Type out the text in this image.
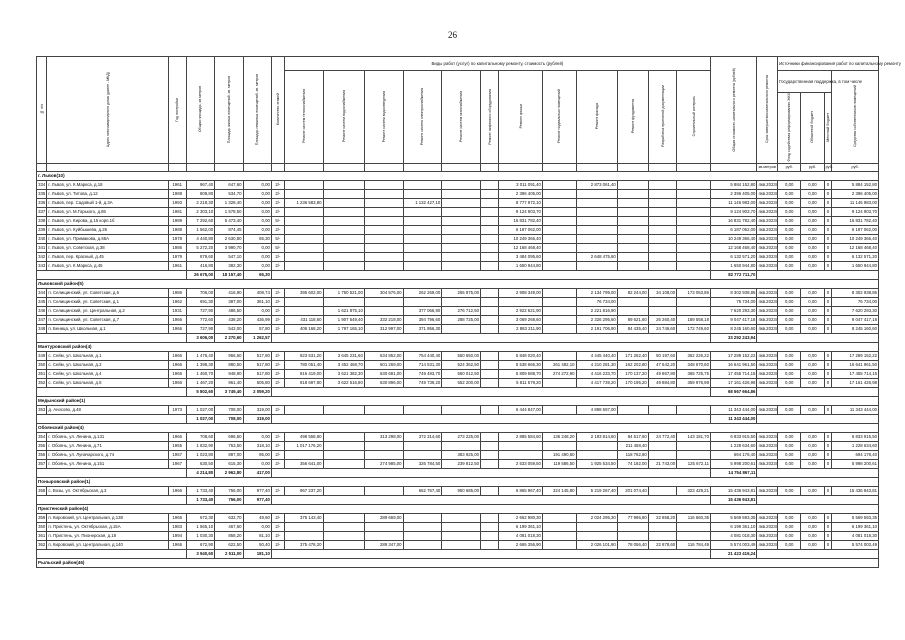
26
№ п/п	Адрес многоквартирного дома (далее - МКД)	Год постройки	Общая площадь, кв.метров	Площадь жилых помещений, кв. метров	Площадь нежилых помещений, кв. метров	Количество этажей	Виды работ (услуг) по капитальному ремонту, стоимость (рублей)												Общая стоимость капитального ремонта (рублей)	Срок завершения капитального ремонта	Источники финансирования работ по капитальному ремонту			
							Ремонт систем теплоснабжения	Ремонт систем водоснабжения	Ремонт систем водоотведения	Ремонт систем электроснабжения	Ремонт систем газоснабжения	Ремонт лифтового оборудования	Ремонт крыши	Ремонт подвальных помещений	Ремонт фасада	Ремонт фундамента	Разработка проектной документации	Строительный контроль			Государственная поддержка, в том числе			Средства собственников помещений
																					Фонд содействия реформированию ЖКХ	Областной бюджет	Местный бюджет	
																				кв.метров	руб.	руб.	руб.	руб.
г. Львов(10)																								
334	г. Львов, ул. К.Маркса, д.18	1961	967,40	647,60	0,00	2/-							3 011 091,40		2 873 061,40				5 884 152,80	4кв.2023г	0,00	0,00	0	5 884 152,80
335	г. Львов, ул. Титова, д.12	1988	809,80	534,70	0,00	2/-							2 396 405,00						2 396 405,00	4кв.2023г	0,00	0,00	0	2 396 405,00
336	г. Львов, пер. Садовый 1-й, д.3А	1993	2 218,30	1 328,40	0,00	2/-	1 236 583,80			1 132 427,10			8 777 972,10						11 146 983,00	4кв.2023г	0,00	0,00	0	11 146 983,00
337	г. Львов, ул. М.Горького, д.86	1981	2 303,10	1 578,50	0,00	2/-							9 124 903,70						9 124 903,70	4кв.2023г	0,00	0,00	0	9 124 903,70
338	г. Львов, ул. Кирова, д.15 корп.1б	1989	7 292,60	5 473,40	0,00	5/-							16 831 782,40						16 831 782,40	4кв.2023г	0,00	0,00	0	16 831 782,40
339	г. Львов, ул. Куйбышева, д.26	1988	1 562,00	874,45	0,00	2/-							6 187 062,00						6 187 062,00	4кв.2023г	0,00	0,00	0	6 187 062,00
340	г. Львов, ул. Примакова, д.65А	1978	4 440,80	2 630,80	65,30	5/-							10 249 366,40						10 249 366,40	4кв.2023г	0,00	0,00	0	10 249 366,40
341	г. Львов, ул. Советская, д.38	1986	5 272,20	3 990,70	0,00	5/-							12 168 468,40						12 168 468,40	4кв.2023г	0,00	0,00	0	12 168 468,40
342	г. Львов, пер. Красный, д.45	1979	879,60	547,10	0,00	2/-							3 484 095,60		2 648 475,60				6 132 571,20	4кв.2023г	0,00	0,00	0	6 132 571,20
343	г. Львов, ул. К.Маркса, д.45	1961	416,80	382,30	0,00	2/-							1 650 944,80						1 650 944,80	4кв.2023г	0,00	0,00	0	1 650 944,80
			26 675,00	18 157,40	65,30														82 772 711,70					
Львовский район(5)																								
344	п. Селищинский, ул. Советская, д.6	1986	706,00	416,90	408,74	2/-	395 602,00	1 750 521,00	304 576,00	262 269,00	265 875,00		2 908 349,00		2 134 799,00	82 244,00	34 108,00	173 053,86	8 302 938,86	4кв.2023г	0,00	0,00	0	8 302 938,86
345	п. Селищинский, ул. Советская, д.1	1962	691,30	387,00	361,10	2/-									76 734,00				76 734,00	4кв.2023г	0,00	0,00	0	76 734,00
346	п. Селищинский, ул. Центральная, д.2	1931	727,90	486,50	0,00	2/-		1 621 875,10		377 066,90	276 712,50		2 922 621,90		2 221 816,90				7 620 293,30	4кв.2023г	0,00	0,00	0	7 620 293,30
347	п. Селищинский, ул. Советская, д.7	1966	772,60	438,20	436,99	2/-	431 118,60	1 907 549,40	332 218,00	394 796,60	288 725,00		3 069 268,60		2 326 295,60	89 621,60	26 260,40	189 558,18	9 047 417,18	4кв.2023г	0,00	0,00	0	9 047 417,18
348	п. Беница, ул. Школьная, д.1	1966	727,90	542,00	57,80	2/-	406 168,20	1 797 165,10	312 997,00	371 956,30			2 883 211,90		2 191 706,90	84 435,40	24 746,60	172 749,60	8 245 160,60	4кв.2023г	0,00	0,00	0	8 245 160,60
			3 606,00	2 270,60	1 262,57														33 292 243,94					
Мантуровский район(4)																								
349	с. Сейм, ул. Школьная, д.1	1966	1 476,40	956,60	517,80	2/-	823 531,20	3 645 231,60	634 852,00	754 440,40	550 650,00		5 848 020,40		4 445 440,40	171 262,40	50 197,60	362 226,22	17 289 152,22	4кв.2023г	0,00	0,00	0	17 289 152,22
350	с. Сейм, ул. Школьная, д.2	1966	1 398,30	880,50	517,80	2/-	780 051,40	3 452 468,70	601 269,00	714 531,30	524 362,50		5 538 666,30	261 482,10	4 210 281,30	162 202,80	47 542,20	348 670,60	16 641 961,50	4кв.2023г	0,00	0,00	0	16 641 961,50
351	с. Сейм, ул. Школьная, д.4	1966	1 460,70	948,90	517,80	2/-	816 419,00	3 621 382,30	630 681,00	749 483,70	550 012,50		5 809 588,70	274 272,90	4 416 233,70	170 137,20	49 867,80	365 725,75	17 455 714,15	4кв.2023г	0,00	0,00	0	17 455 714,15
352	с. Сейм, ул. Школьная, д.5	1966	1 467,20	961,40	505,80	2/-	818 697,80	3 622 516,80	630 896,00	749 739,20	552 200,00		5 811 579,20		4 417 739,20	170 195,20	49 884,80	359 976,98	17 161 426,98	4кв.2023г	0,00	0,00	0	17 161 426,98
			5 802,60	3 749,40	2 059,20														68 567 664,86					
Медынский район(1)																								
353	д. Аносово, д.48	1973	1 027,00	708,00	319,00	2/-							6 444 847,00		4 898 597,00				11 343 444,00	4кв.2023г	0,00	0,00	0	11 343 444,00
			1 027,00	708,00	319,00														11 343 444,00					
Обоянский район(4)																								
354	г. Обоянь, ул. Ленина, д.131	1966	708,60	696,60	0,00	2/-	498 558,80		313 298,00	372 314,60	273 225,00		2 885 584,60	136 248,20	2 193 814,60	84 517,60	24 772,40	143 181,70	6 833 915,50	4кв.2023г	0,00	0,00	0	6 833 915,50
355	г. Обоянь, ул. Ленина, д.71	1955	1 832,90	763,50	318,10	2/-	1 017 176,20									211 458,40			1 228 634,60	4кв.2023г	0,00	0,00	0	1 228 634,60
356	г. Обоянь, ул. Луначарского, д.74	1957	1 023,80	887,00	95,00	2/-					383 925,00			191 490,60		118 762,80			694 178,40	4кв.2023г	0,00	0,00	0	694 178,40
357	г. Обоянь, ул. Ленина, д.151	1967	630,50	615,30	0,00	2/-	356 641,00		274 985,00	326 784,50	239 812,50		2 533 059,50	119 586,50	1 925 534,50	74 182,00	21 743,00	125 672,11	5 998 200,61	4кв.2023г	0,00	0,00	0	5 998 200,61
			4 214,80	2 962,80	417,00														14 754 867,11					
Поныровский район(1)																								
358	с. Возы, ул. Октябрьская, д.3	1966	1 733,40	756,00	977,40	2/-	967 237,20			662 767,40	950 685,00		6 865 967,40	324 145,80	5 219 267,40	201 074,40		323 429,21	15 436 943,81	4кв.2023г	0,00	0,00	0	15 436 943,81
			1 733,40	756,00	977,40														15 436 943,81					
Пристенский район(4)																								
359	п. Кировский, ул. Центральная, д.138	1966	672,30	632,70	49,60	2/-	375 143,40		289 669,00				2 662 980,30		2 024 295,30	77 986,80	22 858,20	116 660,35	5 569 593,35	4кв.2023г	0,00	0,00	0	5 569 593,35
360	п. Пристень, ул. Октябрьская, д.15А	1983	1 565,10	467,60	0,00	2/-							6 199 361,10						6 199 361,10	4кв.2023г	0,00	0,00	0	6 199 361,10
361	п. Пристень, ул. Пионерская, д.18	1994	1 030,30	858,20	81,10	2/-							4 081 018,30						4 081 018,30	4кв.2023г	0,00	0,00	0	4 081 018,30
362	п. Кировский, ул. Центральная, д.140	1966	672,90	622,50	50,40	2/-	375 478,20		289 347,00				2 665 356,90		2 026 101,90	78 056,40	22 878,60	116 784,49	5 574 003,49	4кв.2023г	0,00	0,00	0	5 574 003,49
			3 940,60	2 511,00	181,10														21 423 416,24					
Рыльский район(46)																								
